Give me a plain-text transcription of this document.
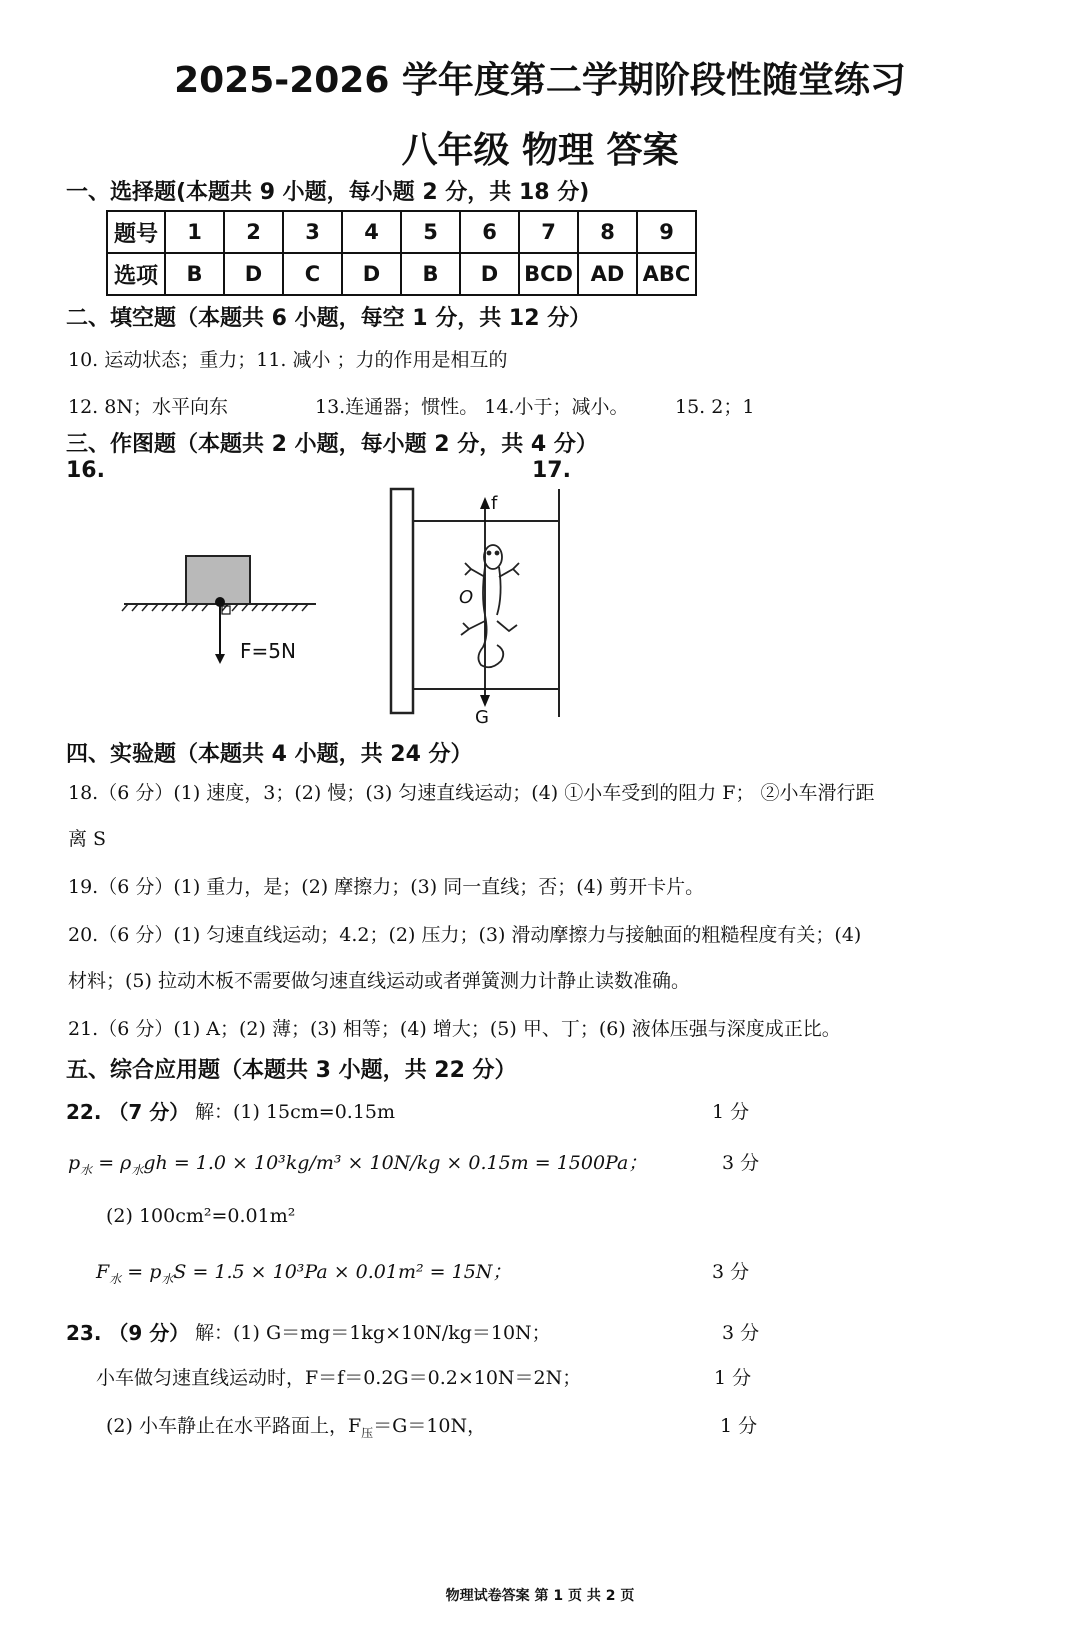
2025-2026 学年度第二学期阶段性随堂练习
八年级 物理 答案
一、选择题(本题共 9 小题，每小题 2 分，共 18 分)
题号	1	2	3	4	5	6	7	8	9
选项	B	D	C	D	B	D	BCD	AD	ABC
二、填空题（本题共 6 小题，每空 1 分，共 12 分）
10. 运动状态；重力；11. 减小 ；力的作用是相互的
12. 8N；水平向东	13.连通器；惯性。 14.小于；减小。 15. 2；1
三、作图题（本题共 2 小题，每小题 2 分，共 4 分）
16.	17.
F=5N
f
G
O
四、实验题（本题共 4 小题，共 24 分）
18.（6 分）(1) 速度，3；(2) 慢；(3) 匀速直线运动；(4) ①小车受到的阻力 F； ②小车滑行距
离 S
19.（6 分）(1) 重力，是；(2) 摩擦力；(3) 同一直线；否；(4) 剪开卡片。
20.（6 分）(1) 匀速直线运动；4.2；(2) 压力；(3) 滑动摩擦力与接触面的粗糙程度有关；(4)
材料；(5) 拉动木板不需要做匀速直线运动或者弹簧测力计静止读数准确。
21.（6 分）(1) A；(2) 薄；(3) 相等；(4) 增大；(5) 甲、丁；(6) 液体压强与深度成正比。
五、综合应用题（本题共 3 小题，共 22 分）
22. （7 分） 解：(1) 15cm=0.15m	1 分
$p_水 = \rho_水gh = 1.0 \times 10^3kg/m^3 \times 10N/kg \times 0.15m = 1500Pa$；	3 分
(2) 100cm²=0.01m²
$F_水 = p_水S = 1.5 \times 10^3Pa \times 0.01m^2 = 15N$；	3 分
23. （9 分） 解：(1) G＝mg＝1kg×10N/kg＝10N；	3 分
小车做匀速直线运动时，F＝f＝0.2G＝0.2×10N＝2N；	1 分
(2) 小车静止在水平路面上，$F_压=G=10N$，	1 分
物理试卷答案 第 1 页 共 2 页
